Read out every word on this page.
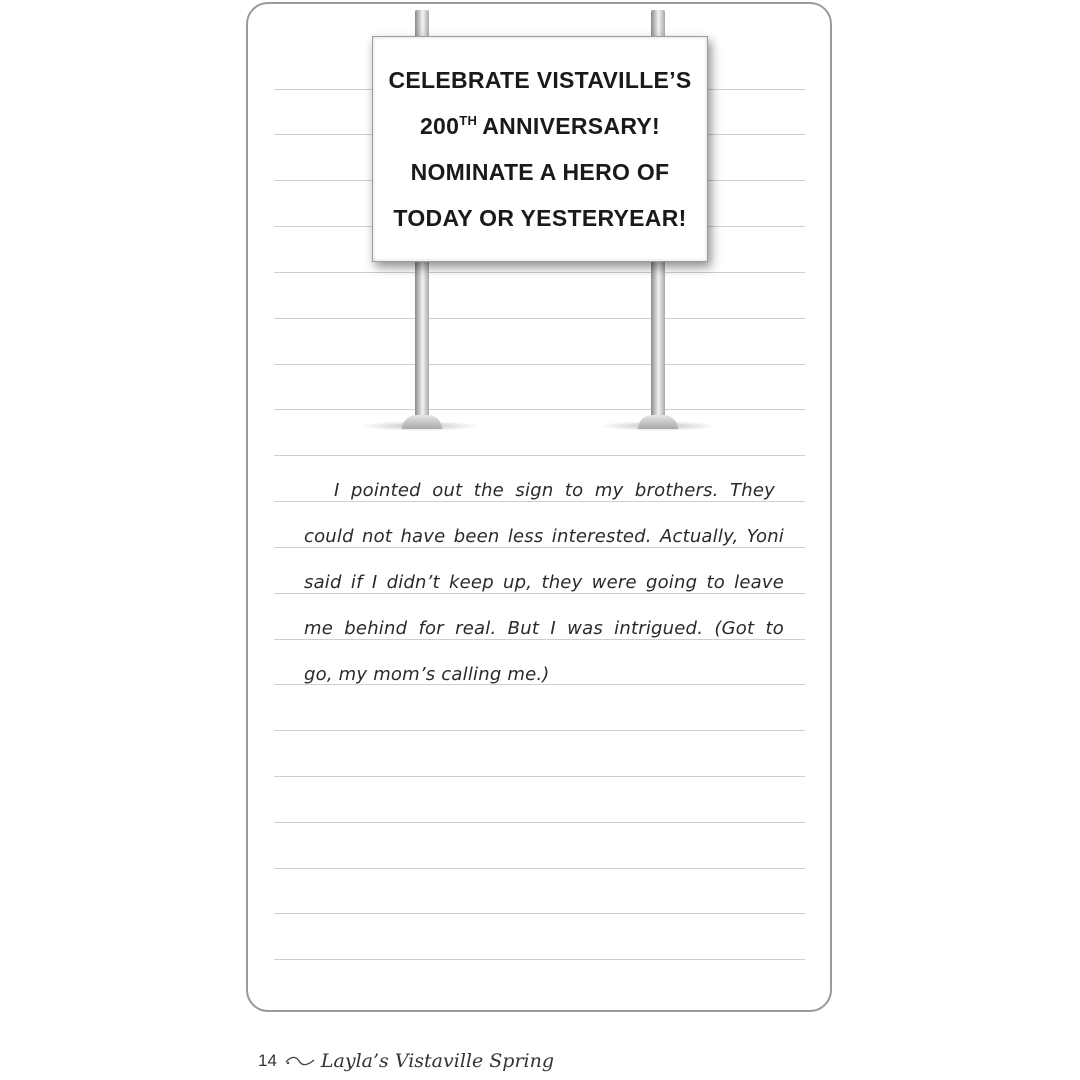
CELEBRATE VISTAVILLE’S
200TH ANNIVERSARY!
NOMINATE A HERO OF
TODAY OR YESTERYEAR!
I pointed out the sign to my brothers. They
could not have been less interested. Actually, Yoni
said if I didn’t keep up, they were going to leave
me behind for real. But I was intrigued. (Got to
go, my mom’s calling me.)
14 Layla’s Vistaville Spring
